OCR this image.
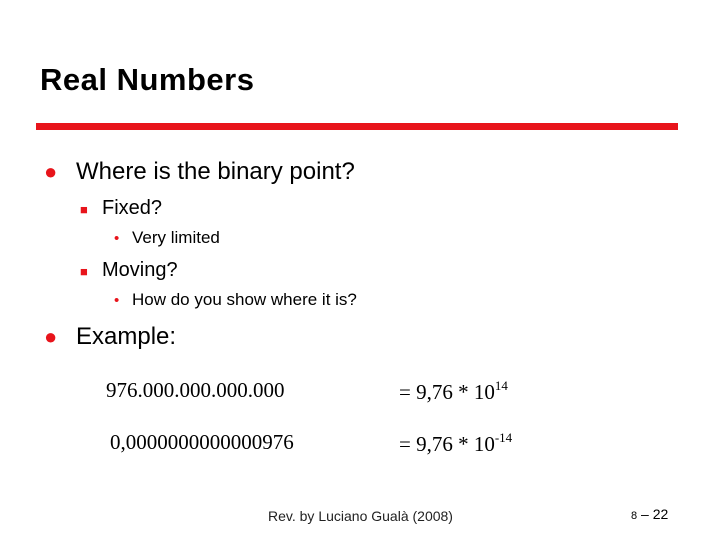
Real Numbers
● Where is the binary point?
■ Fixed?
• Very limited
■ Moving?
• How do you show where it is?
● Example:
976.000.000.000.000	= $9,76 * 10^{14}$
0,0000000000000976	= $9,76 * 10^{-14}$
Rev. by Luciano Gualà (2008)	8 – 22
